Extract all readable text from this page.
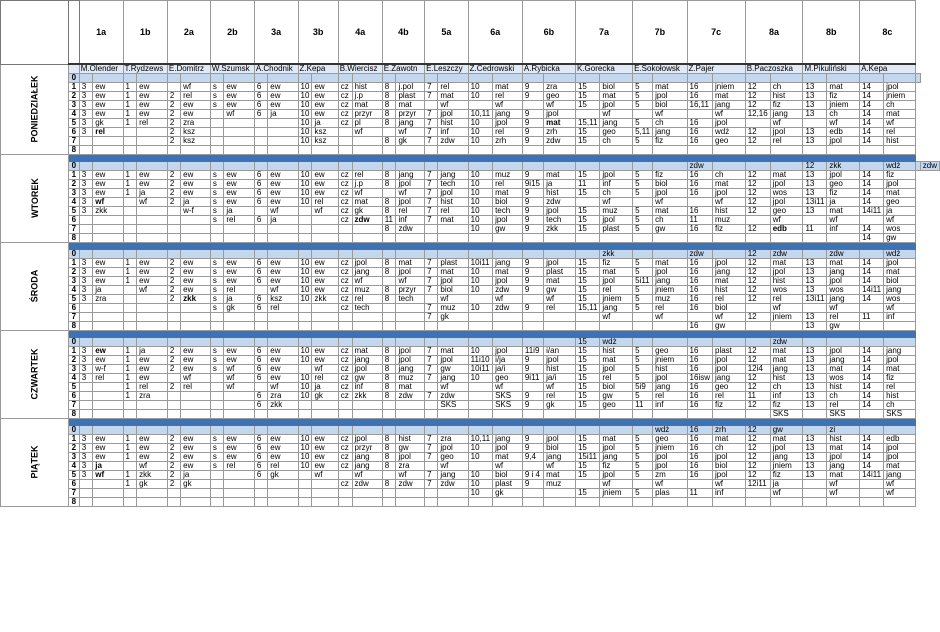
		1a		1b		2a		2b		3a		3b		4a		4b		5a		6a		6b		7a		7b		7c		8a		8b		8c			
PONIEDZIAŁEK		M.Olender		T.Rydzews		E.Domitrz		W.Szumsk		A.Chodnik		Z.Kepa		B.Wiercisz		E.Zawotn		E.Leszczy		Z.Cedrowski		A.Rybicka		K.Gorecka		E.Sokołowsk		Z.Pajer		B.Paczoszka		M.Pikuliński		A.Kepa			
	0																																				
	1	3	ew	1	ew		wf	s	ew	6	ew	10	ew	cz	hist	8	j.pol	7	rel	10	mat	9	zra	15	biol	5	mat	16	jniem	12	ch	13	mat	14	jpol		
	2	3	ew	1	ew	2	rel	s	ew	6	ew	10	ew	cz	j.p	8	plast	7	mat	10	rel	9	geo	15	mat	5	jpol	16	mat	12	hist	13	fiz	14	jniem		
	3	3	ew	1	ew	2	ew	s	ew	6	ew	10	ew	cz	mat	8	mat		wf		wf		wf	15	jpol	5	biol	16,11	jang	12	fiz	13	jniem	14	ch		
	4	3	ew	1	ew	2	ew		wf	6	ja	10	ew	cz	przyr	8	przyr	7	jpol	10,11	jang	9	jpol		wf		wf		wf	12,16	jang	13	ch	14	mat		
	5	3	gk	1	rel	2	zra					10	ja	cz	pl	8	jang	7	hist	10	jpol	9	mat	15,11	jang	5	ch	16	jpol		wf		wf	14	wf		
	6	3	rel			2	ksz					10	ksz		wf		wf	7	inf	10	rel	9	zrh	15	geo	5,11	jang	16	wdż	12	jpol	13	edb	14	rel		
	7					2	ksz					10	ksz			8	gk	7	zdw	10	zrh	9	zdw	15	ch	5	fiz	16	geo	12	rel	13	jpol	14	hist		
	8																																				
WTOREK																																					
	0																											zdw				12	zkk		wdż		zdw
	1	3	ew	1	ew	2	ew	s	ew	6	ew	10	ew	cz	rel	8	jang	7	jang	10	muz	9	mat	15	jpol	5	fiz	16	ch	12	mat	13	jpol	14	fiz		
	2	3	ew	1	ew	2	ew	s	ew	6	ew	10	ew	cz	j.p	8	jpol	7	tech	10	rel	9i15	ja	11	inf	5	biol	16	mat	12	jpol	13	geo	14	jpol		
	3	3	ew	1	ja	2	ew	s	ew	6	ew	10	ew	cz	wf		wf	7	jpol	10	mat	9	hist	15	ch	5	jpol	16	jpol	12	wos	13	fiz	14	mat		
	4	3	wf		wf	2	ja	s	ew	6	ew	10	rel	cz	mat	8	jpol	7	hist	10	biol	9	zdw		wf		wf		wf	12	jpol	13i11	ja	14	geo		
	5	3	zkk				w-f	s	ja		wf		wf	cz	gk	8	rel	7	rel	10	tech	9	jpol	15	muz	5	mat	16	hist	12	geo	13	mat	14i11	ja		
	6							s	rel	6	ja			cz	zdw	11	inf	7	mat	10	jpol	9	tech	15	jpol	5	ch	11	muz		wf		wf		wf		
	7															8	zdw			10	gw	9	zkk	15	plast	5	gw	16	fiz	12	edb	11	inf	14	wos		
	8																																	14	gw		
ŚRODA																																					
	0																								zkk			zdw		12	zdw		zdw		wdż		
	1	3	ew	1	ew	2	ew	s	ew	6	ew	10	ew	cz	jpol	8	mat	7	plast	10i11	jang	9	jpol	15	fiz	5	mat	16	jpol	12	mat	13	mat	14	jpol		
	2	3	ew	1	ew	2	ew	s	ew	6	ew	10	ew	cz	jang	8	jpol	7	mat	10	mat	9	plast	15	mat	5	jpol	16	jang	12	jpol	13	jang	14	mat		
	3	3	ew	1	ew	2	ew	s	ew	6	ew	10	ew	cz	wf		wf	7	jpol	10	jpol	9	mat	15	jpol	5i11	jang	16	mat	12	hist	13	jpol	14	biol		
	4	3	ja		wf	2	ew	s	rel		wf	10	ew	cz	muz	8	przyr	7	biol	10	zdw	9	gw	15	rel	5	jniem	16	hist	12	wos	13	wos	14i11	jang		
	5	3	zra			2	zkk	s	ja	6	ksz	10	zkk	cz	rel	8	tech		wf		wf		wf	15	jniem	5	muz	16	rel	12	rel	13i11	jang	14	wos		
	6							s	gk	6	rel			cz	tech			7	muz	10	zdw	9	rel	15,11	jang	5	rel	16	biol		wf		wf		wf		
	7																	7	gk						wf		wf		wf	12	jniem	13	rel	11	inf		
	8																											16	gw			13	gw				
CZWARTEK																																					
	0																							15	wdż						zdw						
	1	3	ew	1	ja	2	ew	s	ew	6	ew	10	ew	cz	mat	8	jpol	7	mat	10	jpol	11i9	i/an	15	hist	5	geo	16	plast	12	mat	13	jpol	14	jang		
	2	3	ew	1	ew	2	ew	s	ew	6	ew	10	ew	cz	jang	8	jpol	7	jpol	11i10	i/ja	9	jpol	15	mat	5	jniem	16	jpol	12	mat	13	jang	14	jpol		
	3	3	w-f	1	ew	2	ew	s	wf	6	ew		wf	cz	jpol	8	jang	7	gw	10i11	ja/i	9	hist	15	jpol	5	hist	16	jpol	12i4	jang	13	mat	14	mat		
	4	3	rel	1	ew		wf		wf	6	ew	10	rel	cz	gw	8	muz	7	jang	10	geo	9i11	ja/i	15	rel	5	jpol	16isw	jang	12	hist	13	wos	14	fiz		
	5			1	rel	2	rel		wf		wf	10	ja	cz	inf	8	mat		wf		wf		wf	15	biol	5i9	jang	16	geo	12	ch	13	hist	14	rel		
	6			1	zra					6	zra	10	gk	cz	zkk	8	zdw	7	zdw		SKS	9	rel	15	gw	5	rel	16	rel	11	inf	13	ch	14	hist		
	7									6	zkk								SKS		SKS	9	gk	15	geo	11	inf	16	fiz	12	fiz	13	rel	14	ch		
	8																														SKS		SKS		SKS		
PIĄTEK																																					
	0																										wdż	16	zrh	12	gw		zi				
	1	3	ew	1	ew	2	ew	s	ew	6	ew	10	ew	cz	jpol	8	hist	7	zra	10,11	jang	9	jpol	15	mat	5	geo	16	mat	12	mat	13	hist	14	edb		
	2	3	ew	1	ew	2	ew	s	ew	6	ew	10	ew	cz	przyr	8	gw	7	jpol	10	jpol	9	biol	15	jpol	5	jniem	16	ch	12	jpol	13	mat	14	jpol		
	3	3	ew	1	ew	2	ew	s	ew	6	ew	10	ew	cz	jang	8	jpol	7	geo	10	mat	9,4	jang	15i11	jang	5	jpol	16	jpol	12	jang	13	jpol	14	jpol		
	4	3	ja		wf	2	ew	s	rel	6	rel	10	ew	cz	jang	8	zra		wf		wf		wf	15	fiz	5	jpol	16	biol	12	jniem	13	jang	14	mat		
	5	3	wf	1	zkk	2	ja			6	gk		wf		wf		wf	7	jang	10	biol	9 i 4	mat	15	jpol	5	zm	16	jpol	12	fiz	13	mat	14i11	jang		
	6			1	gk	2	gk							cz	zdw	8	zdw	7	zdw	10	plast	9	muz		wf		wf		wf	12i11	ja		wf		wf		
	7																			10	gk			15	jniem	5	plas	11	inf		wf		wf		wf		
	8																																				
